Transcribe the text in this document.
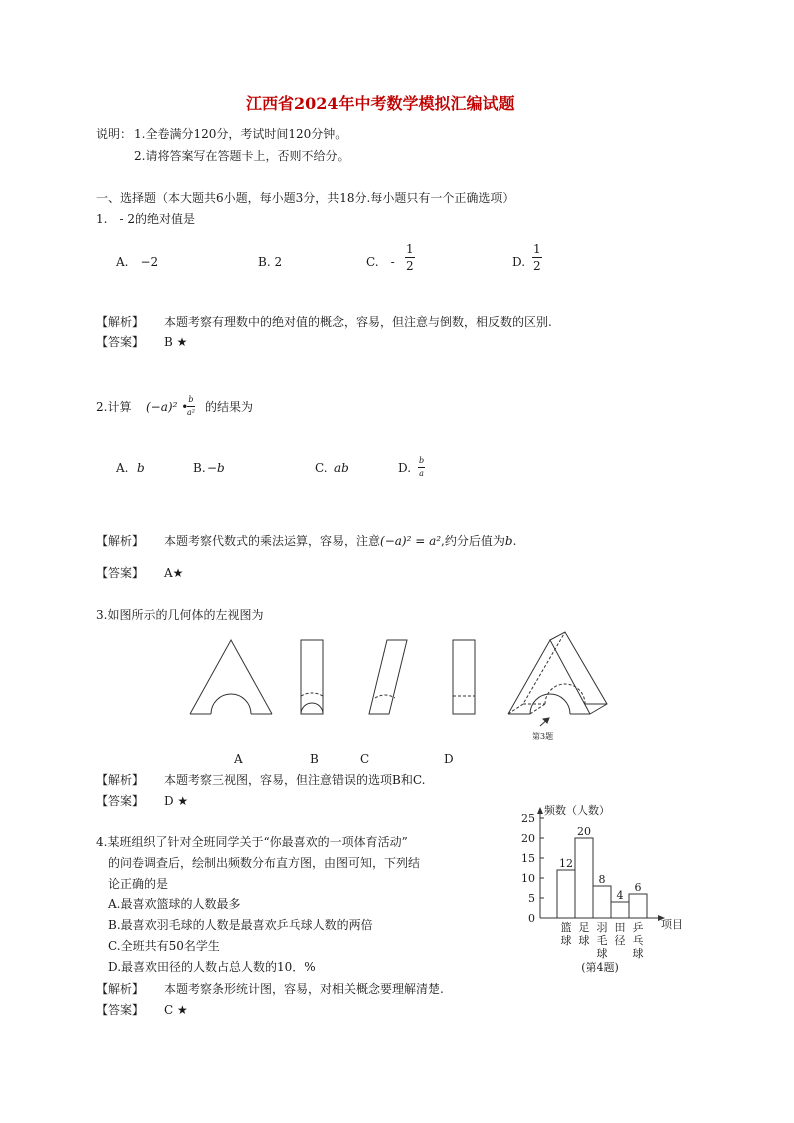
江西省2024年中考数学模拟汇编试题
说明： 1.全卷满分120分，考试时间120分钟。
2.请将答案写在答题卡上，否则不给分。
一、选择题（本大题共6小题，每小题3分，共18分.每小题只有一个正确选项）
1.　- 2的绝对值是
A.　−2	B. 2	C.　-
1
2	D.
1
2
【解析】 本题考察有理数中的绝对值的概念，容易，但注意与倒数，相反数的区别.
【答案】 B ★
2.计算 (−a)² •
b
a² 的结果为
A. b	B. −b	C. ab	D.
b
a
【解析】 本题考察代数式的乘法运算，容易，注意(−a)² = a²,约分后值为b.
【答案】 A★
3.如图所示的几何体的左视图为
第3题
A	B	C	D
【解析】 本题考察三视图，容易，但注意错误的选项B和C.
【答案】 D ★
4.某班组织了针对全班同学关于“你最喜欢的一项体育活动”
的问卷调查后，绘制出频数分布直方图，由图可知，下列结
论正确的是
A.最喜欢篮球的人数最多
B.最喜欢羽毛球的人数是最喜欢乒乓球人数的两倍
C.全班共有50名学生
D.最喜欢田径的人数占总人数的10．%
【解析】 本题考察条形统计图，容易，对相关概念要理解清楚.
【答案】 C ★
频数（人数）
项目
0
5
10
15
20
25
12
篮
球
20
足
球
8
羽
毛
球
4
田
径
6
乒
乓
球
(第4题)
